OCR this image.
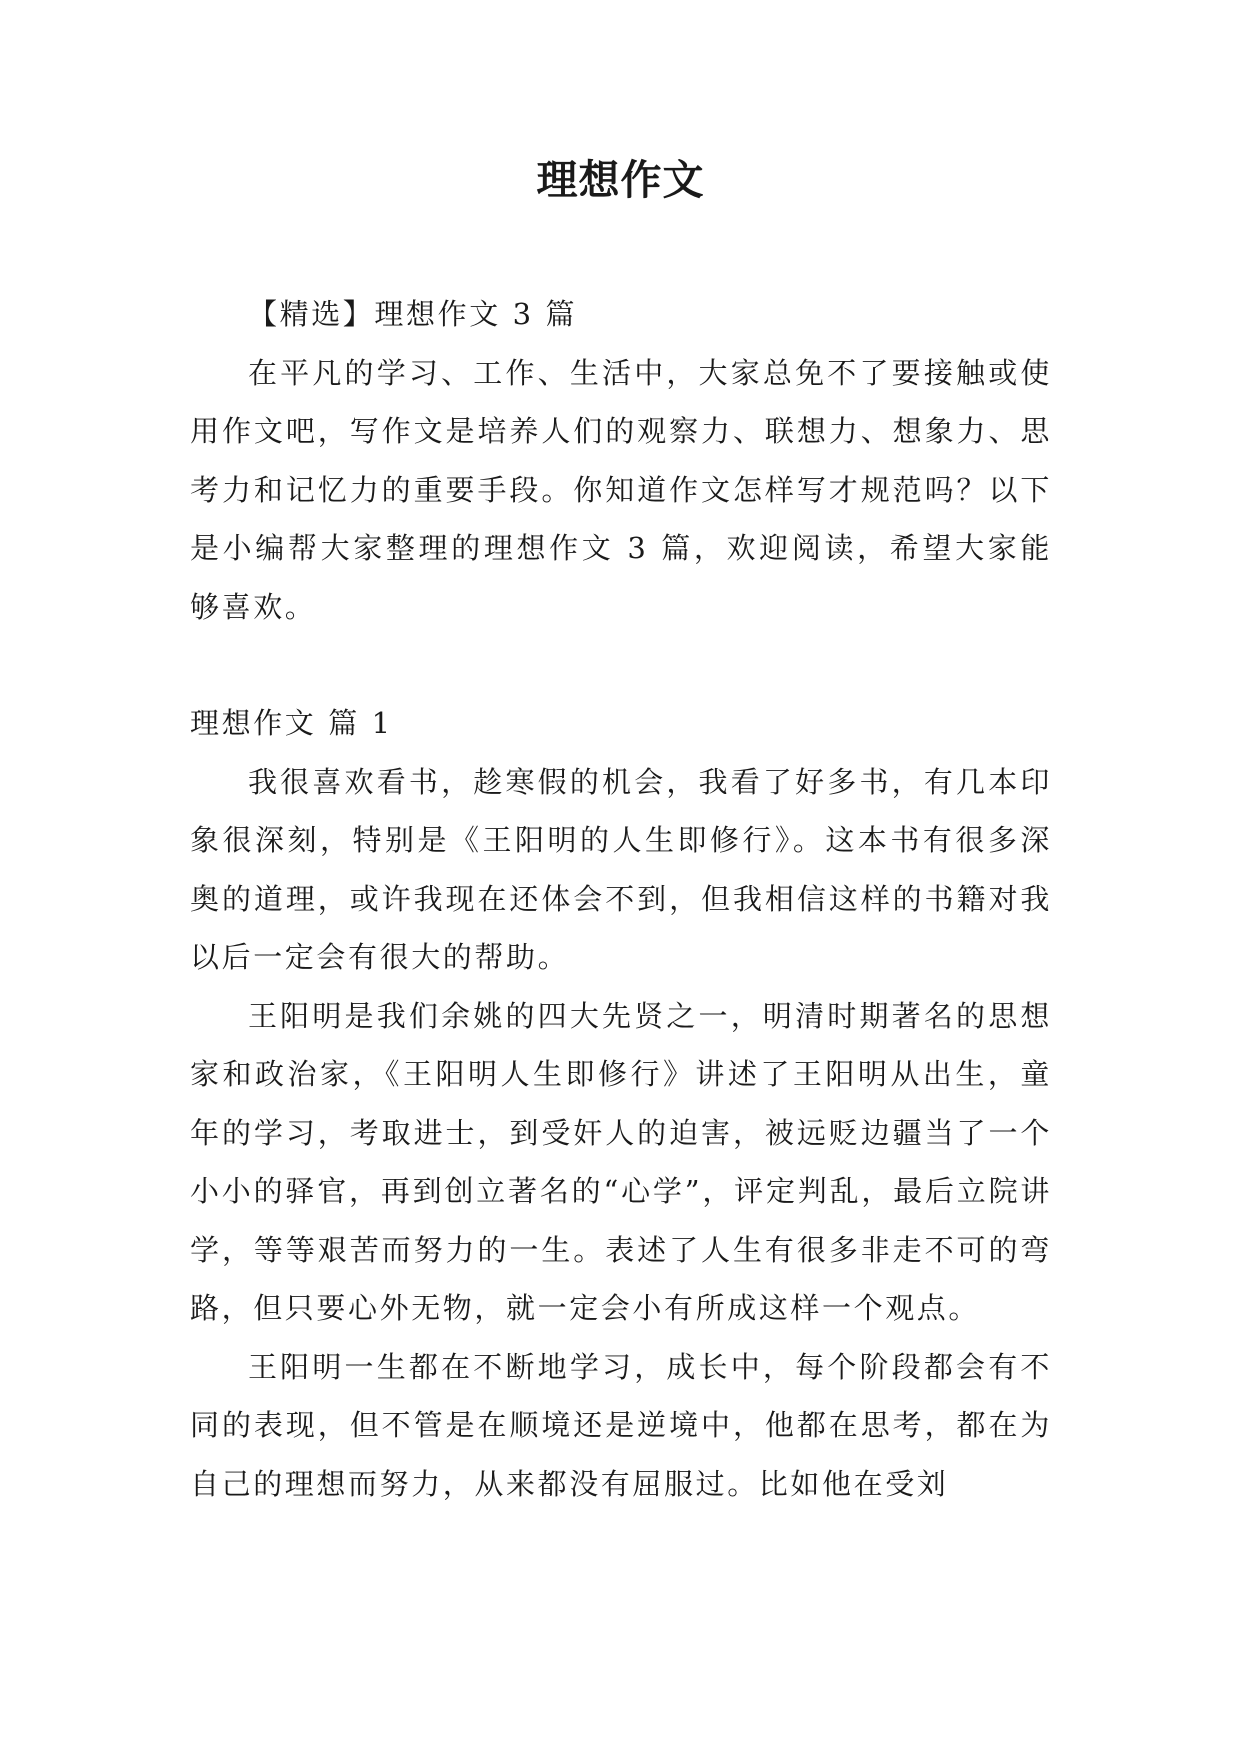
理想作文

【精选】理想作文 3 篇

在平凡的学习、工作、生活中，大家总免不了要接触或使用作文吧，写作文是培养人们的观察力、联想力、想象力、思考力和记忆力的重要手段。你知道作文怎样写才规范吗？以下是小编帮大家整理的理想作文 3 篇，欢迎阅读，希望大家能够喜欢。

理想作文 篇 1

我很喜欢看书，趁寒假的机会，我看了好多书，有几本印象很深刻，特别是《王阳明的人生即修行》。这本书有很多深奥的道理，或许我现在还体会不到，但我相信这样的书籍对我以后一定会有很大的帮助。

王阳明是我们余姚的四大先贤之一，明清时期著名的思想家和政治家，《王阳明人生即修行》讲述了王阳明从出生，童年的学习，考取进士，到受奸人的迫害，被远贬边疆当了一个小小的驿官，再到创立著名的“心学”，评定判乱，最后立院讲学，等等艰苦而努力的一生。表述了人生有很多非走不可的弯路，但只要心外无物，就一定会小有所成这样一个观点。

王阳明一生都在不断地学习，成长中，每个阶段都会有不同的表现，但不管是在顺境还是逆境中，他都在思考，都在为自己的理想而努力，从来都没有屈服过。比如他在受刘
